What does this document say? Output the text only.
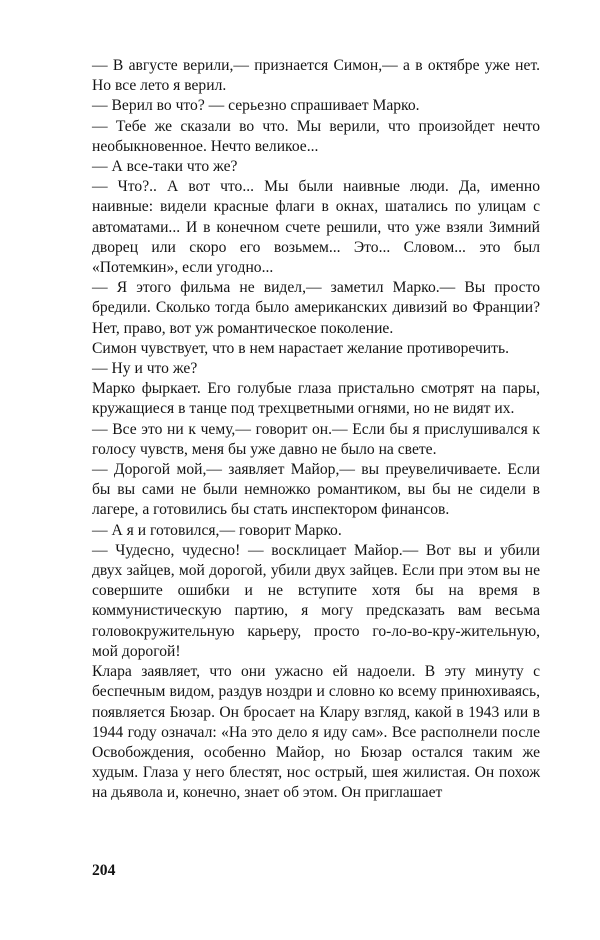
— В августе верили,— признается Симон,— а в октябре уже нет. Но все лето я верил.

— Верил во что? — серьезно спрашивает Марко.

— Тебе же сказали во что. Мы верили, что произойдет нечто необыкновенное. Нечто великое...

— А все-таки что же?

— Что?.. А вот что... Мы были наивные люди. Да, именно наивные: видели красные флаги в окнах, шатались по улицам с автоматами... И в конечном счете решили, что уже взяли Зимний дворец или скоро его возьмем... Это... Словом... это был «Потемкин», если угодно...

— Я этого фильма не видел,— заметил Марко.— Вы просто бредили. Сколько тогда было американских дивизий во Франции? Нет, право, вот уж романтическое поколение.

Симон чувствует, что в нем нарастает желание противоречить.

— Ну и что же?

Марко фыркает. Его голубые глаза пристально смотрят на пары, кружащиеся в танце под трехцветными огнями, но не видят их.

— Все это ни к чему,— говорит он.— Если бы я прислушивался к голосу чувств, меня бы уже давно не было на свете.

— Дорогой мой,— заявляет Майор,— вы преувеличиваете. Если бы вы сами не были немножко романтиком, вы бы не сидели в лагере, а готовились бы стать инспектором финансов.

— А я и готовился,— говорит Марко.

— Чудесно, чудесно! — восклицает Майор.— Вот вы и убили двух зайцев, мой дорогой, убили двух зайцев. Если при этом вы не совершите ошибки и не вступите хотя бы на время в коммунистическую партию, я могу предсказать вам весьма головокружительную карьеру, просто го-ло-во-кру-жительную, мой дорогой!

Клара заявляет, что они ужасно ей надоели. В эту минуту с беспечным видом, раздув ноздри и словно ко всему принюхиваясь, появляется Бюзар. Он бросает на Клару взгляд, какой в 1943 или в 1944 году означал: «На это дело я иду сам». Все располнели после Освобождения, особенно Майор, но Бюзар остался таким же худым. Глаза у него блестят, нос острый, шея жилистая. Он похож на дьявола и, конечно, знает об этом. Он приглашает

204
